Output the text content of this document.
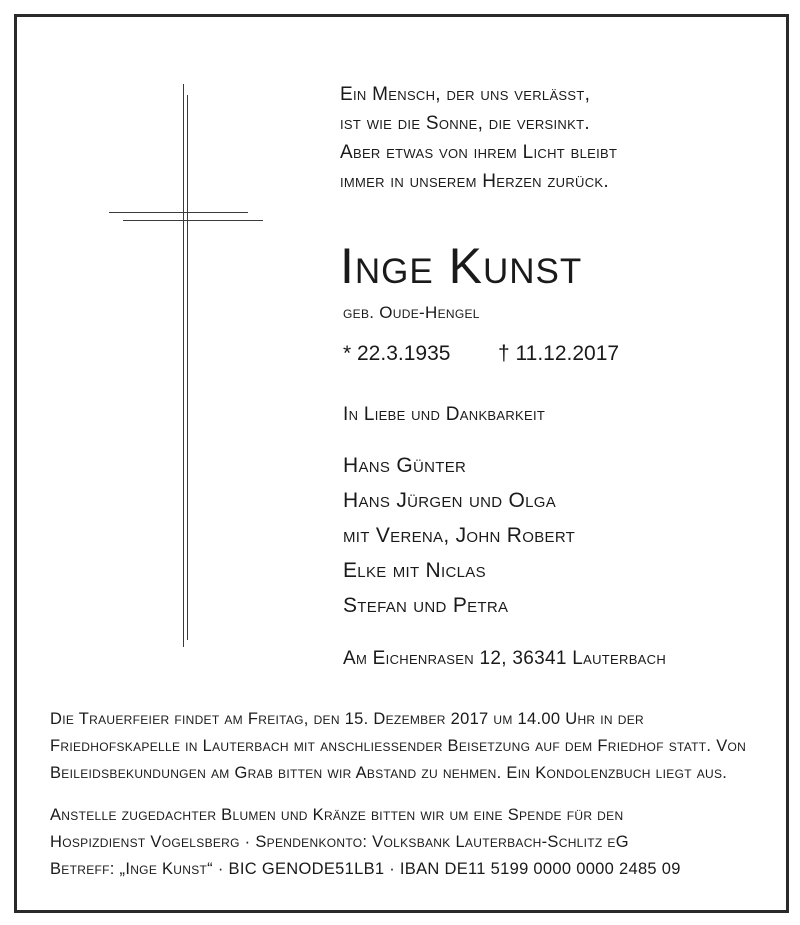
Ein Mensch, der uns verlässt,
ist wie die Sonne, die versinkt.
Aber etwas von ihrem Licht bleibt
immer in unserem Herzen zurück.
Inge Kunst
geb. Oude-Hengel
* 22.3.1935 † 11.12.2017
In Liebe und Dankbarkeit
Hans Günter
Hans Jürgen und Olga
mit Verena, John Robert
Elke mit Niclas
Stefan und Petra
Am Eichenrasen 12, 36341 Lauterbach
Die Trauerfeier findet am Freitag, den 15. Dezember 2017 um 14.00 Uhr in der
Friedhofskapelle in Lauterbach mit anschliessender Beisetzung auf dem Friedhof statt. Von
Beileidsbekundungen am Grab bitten wir Abstand zu nehmen. Ein Kondolenzbuch liegt aus.
Anstelle zugedachter Blumen und Kränze bitten wir um eine Spende für den
Hospizdienst Vogelsberg · Spendenkonto: Volksbank Lauterbach-Schlitz eG
Betreff: „Inge Kunst“ · BIC GENODE51LB1 · IBAN DE11 5199 0000 0000 2485 09
